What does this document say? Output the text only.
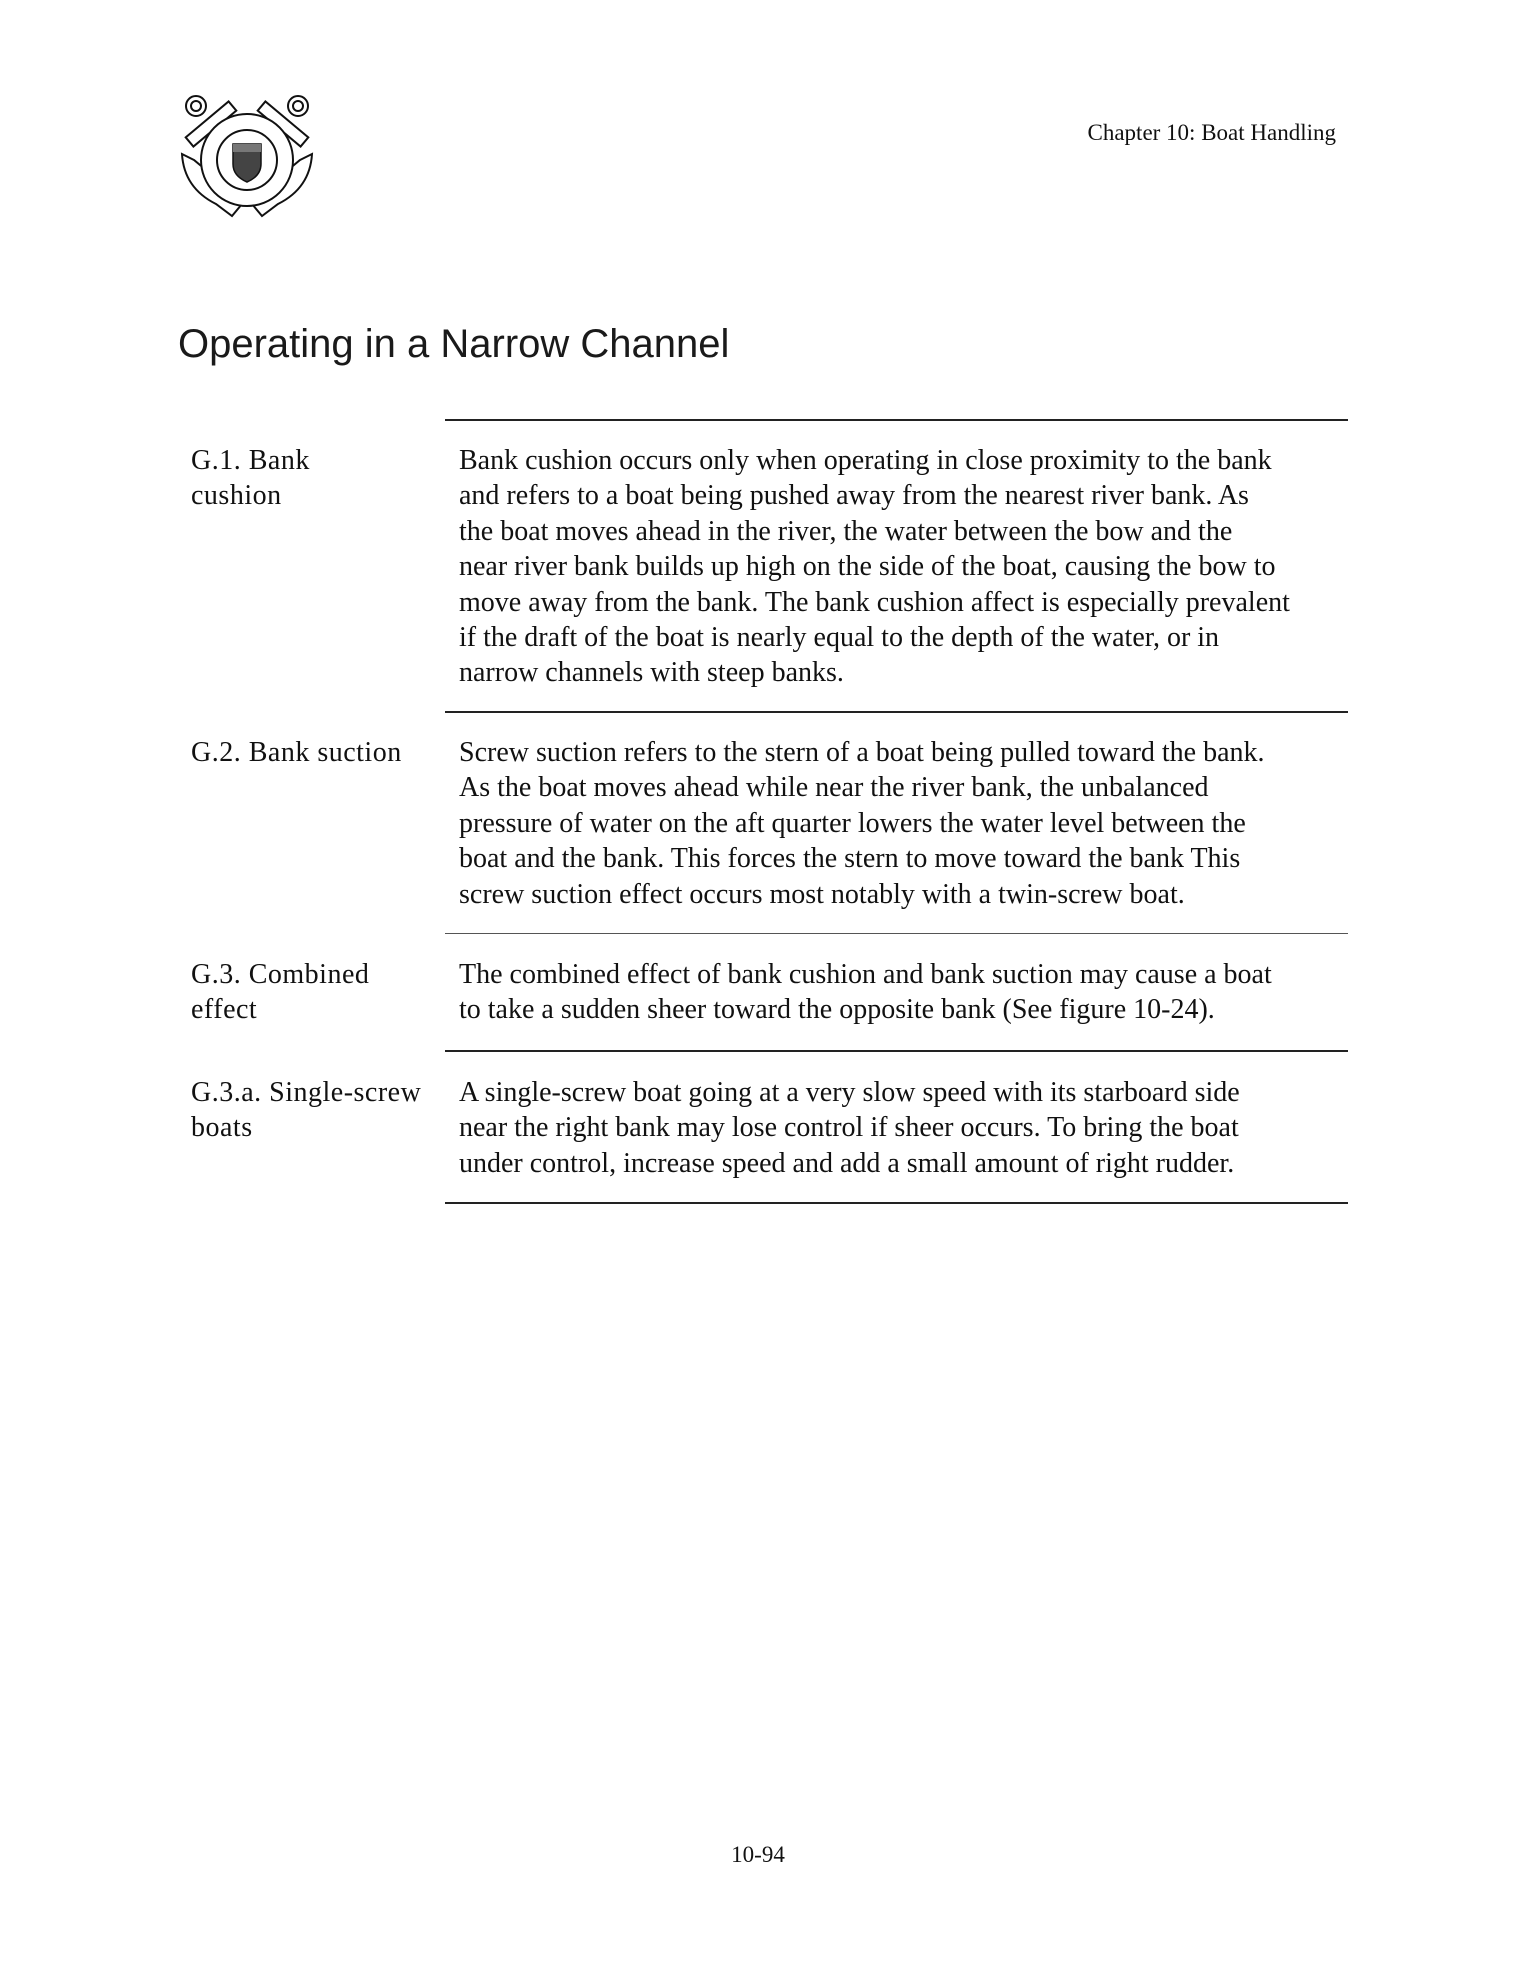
Chapter 10: Boat Handling
Operating in a Narrow Channel
G.1. Bank
cushion
Bank cushion occurs only when operating in close proximity to the bank
and refers to a boat being pushed away from the nearest river bank. As
the boat moves ahead in the river, the water between the bow and the
near river bank builds up high on the side of the boat, causing the bow to
move away from the bank. The bank cushion affect is especially prevalent
if the draft of the boat is nearly equal to the depth of the water, or in
narrow channels with steep banks.
G.2. Bank suction	Screw suction refers to the stern of a boat being pulled toward the bank.
As the boat moves ahead while near the river bank, the unbalanced
pressure of water on the aft quarter lowers the water level between the
boat and the bank. This forces the stern to move toward the bank This
screw suction effect occurs most notably with a twin-screw boat.
G.3. Combined
effect
The combined effect of bank cushion and bank suction may cause a boat
to take a sudden sheer toward the opposite bank (See figure 10-24).
G.3.a. Single-screw
boats
A single-screw boat going at a very slow speed with its starboard side
near the right bank may lose control if sheer occurs. To bring the boat
under control, increase speed and add a small amount of right rudder.
10-94
